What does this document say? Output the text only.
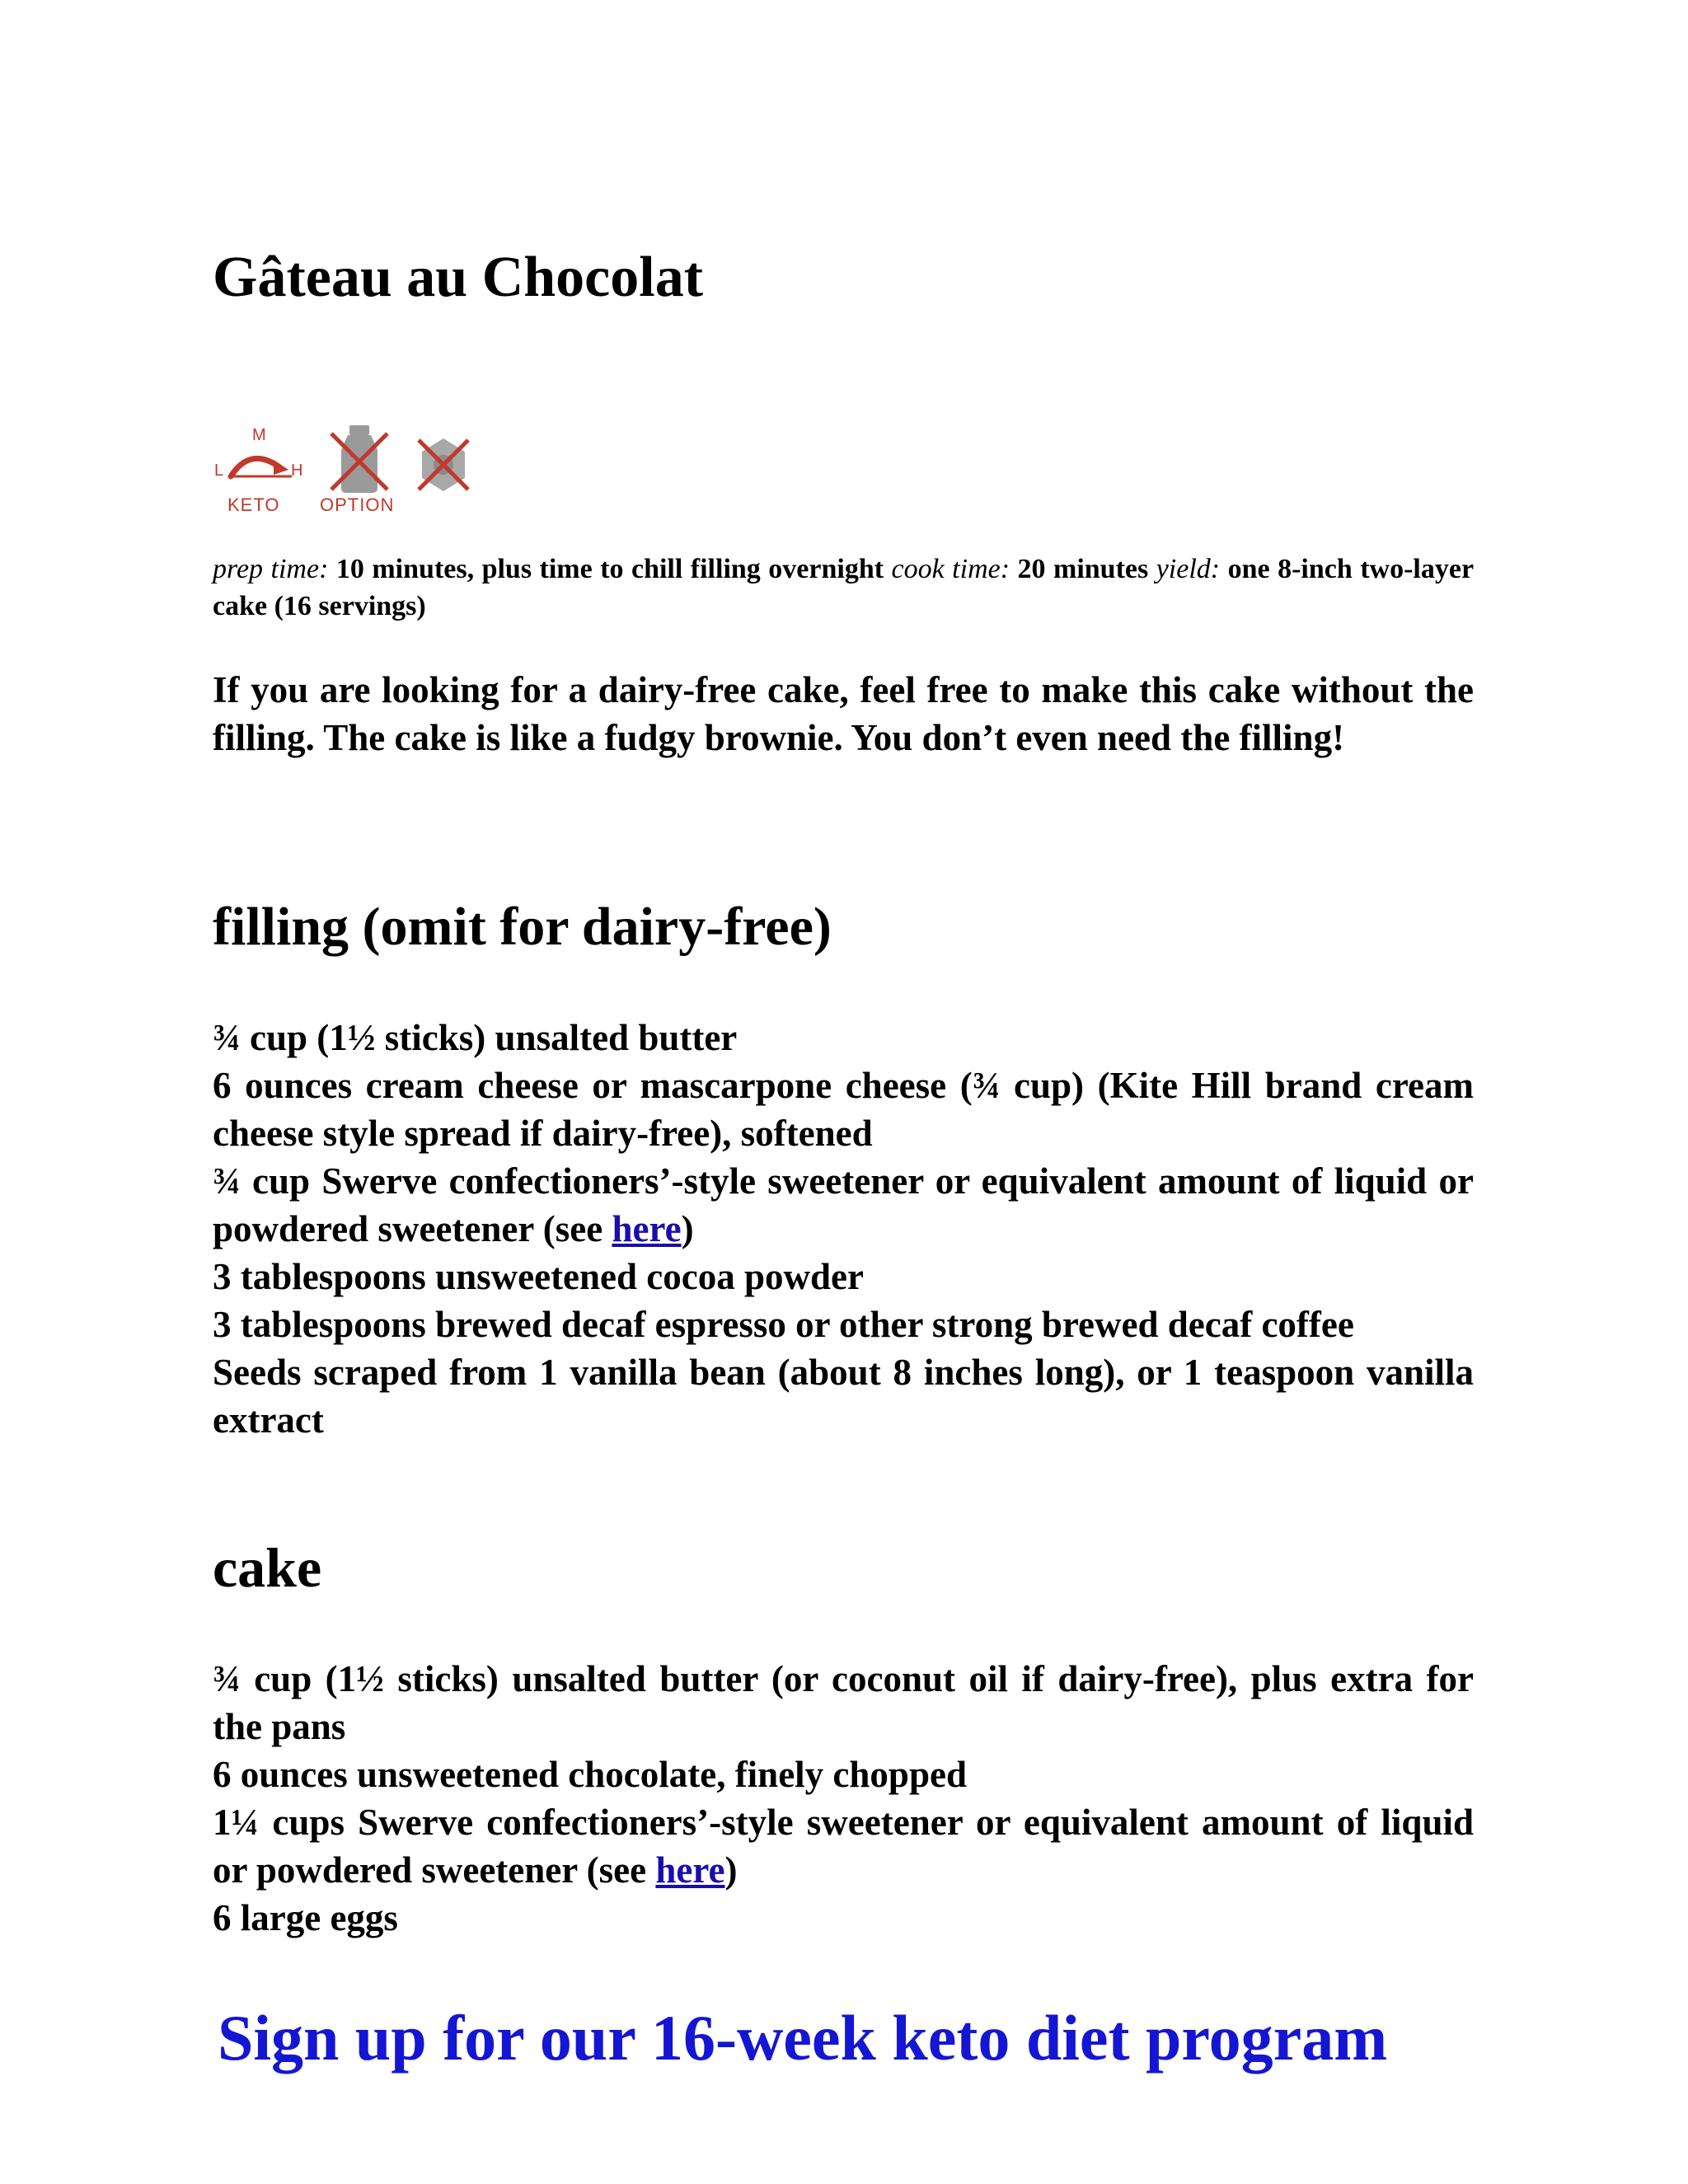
Gâteau au Chocolat
M
L	H
KETO OPTION
prep time: 10 minutes, plus time to chill filling overnight cook time: 20 minutes yield: one 8-inch two-layer cake (16 servings)

If you are looking for a dairy-free cake, feel free to make this cake without the filling. The cake is like a fudgy brownie. You don’t even need the filling!

filling (omit for dairy-free)
¾ cup (1½ sticks) unsalted butter
6 ounces cream cheese or mascarpone cheese (¾ cup) (Kite Hill brand cream cheese style spread if dairy-free), softened
¾ cup Swerve confectioners’-style sweetener or equivalent amount of liquid or powdered sweetener (see here)
3 tablespoons unsweetened cocoa powder
3 tablespoons brewed decaf espresso or other strong brewed decaf coffee
Seeds scraped from 1 vanilla bean (about 8 inches long), or 1 teaspoon vanilla extract
cake
¾ cup (1½ sticks) unsalted butter (or coconut oil if dairy-free), plus extra for the pans
6 ounces unsweetened chocolate, finely chopped
1¼ cups Swerve confectioners’-style sweetener or equivalent amount of liquid or powdered sweetener (see here)
6 large eggs
Sign up for our 16-week keto diet program
